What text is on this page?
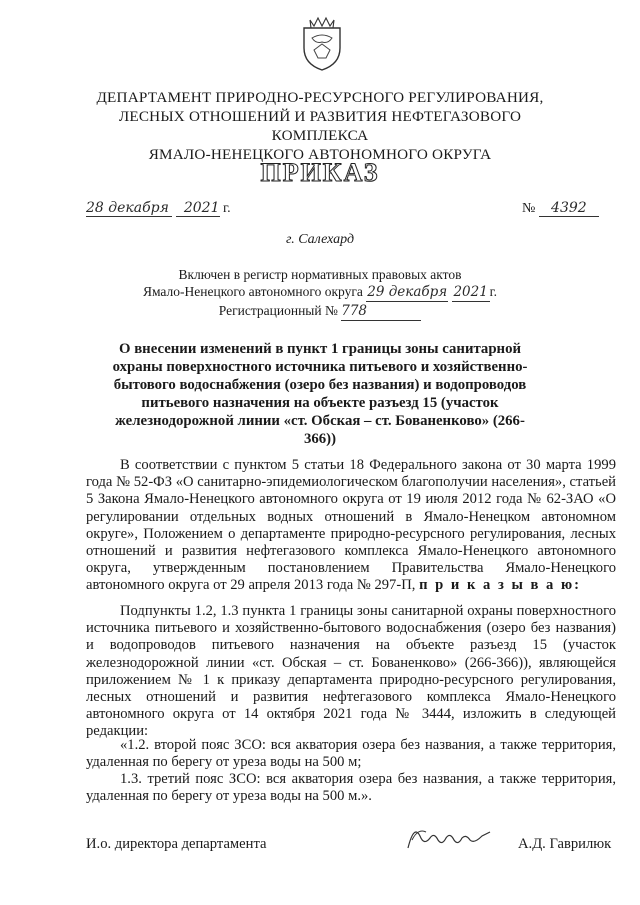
ДЕПАРТАМЕНТ ПРИРОДНО-РЕСУРСНОГО РЕГУЛИРОВАНИЯ,
ЛЕСНЫХ ОТНОШЕНИЙ И РАЗВИТИЯ НЕФТЕГАЗОВОГО КОМПЛЕКСА
ЯМАЛО-НЕНЕЦКОГО АВТОНОМНОГО ОКРУГА
ПРИКАЗ
28 декабря 2021 г.	№ 4392
г. Салехард
Включен в регистр нормативных правовых актов
Ямало-Ненецкого автономного округа 29 декабря 2021 г.
Регистрационный № 778
О внесении изменений в пункт 1 границы зоны санитарной охраны поверхностного источника питьевого и хозяйственно-бытового водоснабжения (озеро без названия) и водопроводов питьевого назначения на объекте разъезд 15 (участок железнодорожной линии «ст. Обская – ст. Бованенково» (266-366))
В соответствии с пунктом 5 статьи 18 Федерального закона от 30 марта 1999 года № 52-ФЗ «О санитарно-эпидемиологическом благополучии населения», статьей 5 Закона Ямало-Ненецкого автономного округа от 19 июля 2012 года № 62-ЗАО «О регулировании отдельных водных отношений в Ямало-Ненецком автономном округе», Положением о департаменте природно-ресурсного регулирования, лесных отношений и развития нефтегазового комплекса Ямало-Ненецкого автономного округа, утвержденным постановлением Правительства Ямало-Ненецкого автономного округа от 29 апреля 2013 года № 297-П, п р и к а з ы в а ю:
Подпункты 1.2, 1.3 пункта 1 границы зоны санитарной охраны поверхностного источника питьевого и хозяйственно-бытового водоснабжения (озеро без названия) и водопроводов питьевого назначения на объекте разъезд 15 (участок железнодорожной линии «ст. Обская – ст. Бованенково» (266-366)), являющейся приложением № 1 к приказу департамента природно-ресурсного регулирования, лесных отношений и развития нефтегазового комплекса Ямало-Ненецкого автономного округа от 14 октября 2021 года № 3444, изложить в следующей редакции:
«1.2. второй пояс ЗСО: вся акватория озера без названия, а также территория, удаленная по берегу от уреза воды на 500 м;
1.3. третий пояс ЗСО: вся акватория озера без названия, а также территория, удаленная по берегу от уреза воды на 500 м.».
И.о. директора департамента	А.Д. Гаврилюк
